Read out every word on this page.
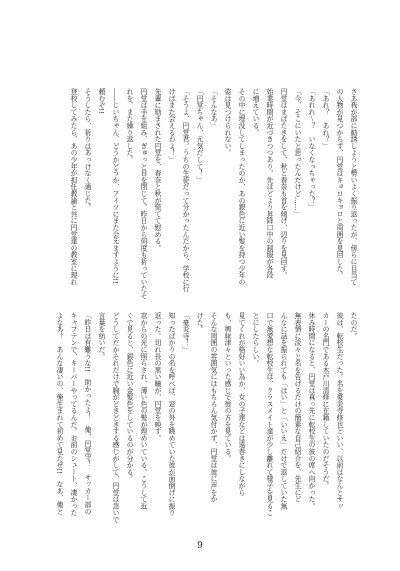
さあ我が部に勧誘しようと勢いよく振り返ったが、傍らに目当て

の人物が見つからず、円堂はキョロキョロと周囲を見回した。

「あれ？　あれ？」

「あれれ～？　いなくなっちゃった？」

「今、そこにいたと思ったんだけど……」

円堂はまばたきをして、秋と春奈も首を傾げ、辺りを見回す。

始業時間が近づきつつあり、先ほどより昇降口中の制服が各段

に増えている。

その中に埋没してしまったのか、あの銀色に近い髪を持つ少年の

姿は見つけられない。

「そんなあ」

「円堂ちゃん、元気だして！」

「そうよ、円堂君。うちの生徒だって分かったんだから、学校に行

けばまた会えるわよ！」

先輩に励まされた円堂を、春奈と秋が慌てて慰める。

円堂は手を組み、ぎゅっと目を閉じて、昨日から何度も祈っていたそ

れを、また繰り返した。

――じいちゃん、どうかどうか、アイツにまた会えますように!!

頼むぞ!!

そうしたら、祈りはあっけなく通じた。

登校してみたら、あの少年が担任教諭と共に円堂達の教室に現れ

たのだ。

彼は、転校生だった。名を豪炎寺修也といい、以前はなんとサッ

カーの名門である木戸川清修に在籍していたのだそうだ。

休み時間になると、円堂は真っ先に転校生の彼の席へ向かった。

無表情に淡々と名を告げるだけの簡素な自己紹介を、先生にど

んなに話を振られても「はい」と「いいえ」だけで返していた無

口で無愛想な転校生は、クラスメイト達が少し離れて様子を見るこ

とにしたらしい。

見てくれが格好いい為か、女の子達などは遠巻きにしながら

も、興味津々といった感じで彼の方を見ている。

そんな周囲の雰囲気にはもちろん気付かず、円堂は彼に声をか

けた。

「豪炎寺！」

知ったばかりの名を呼べば、窓の外を眺めていた彼が面倒げに振り

返った。切れ長の黒い瞳が、円堂を映す。

窓からの光に照らされ、薄い色の髪が煌めいている。こうして近

くで見ると、銀色に近い金髪色をしているのが分かる。

どうしてだかそれだけで胸がどきどきする感じがして、円堂は急いで

言葉を紡いだ。

「昨日は有難うな!!　助かったよ！　俺、円堂守！　サッカー部の

キャプテンで、キーパーやってるんだ。お前のシュート、凄かった

よなあ！　あんな凄いの、俺生まれて初めて見たぜ!!　なあ、俺と

9
